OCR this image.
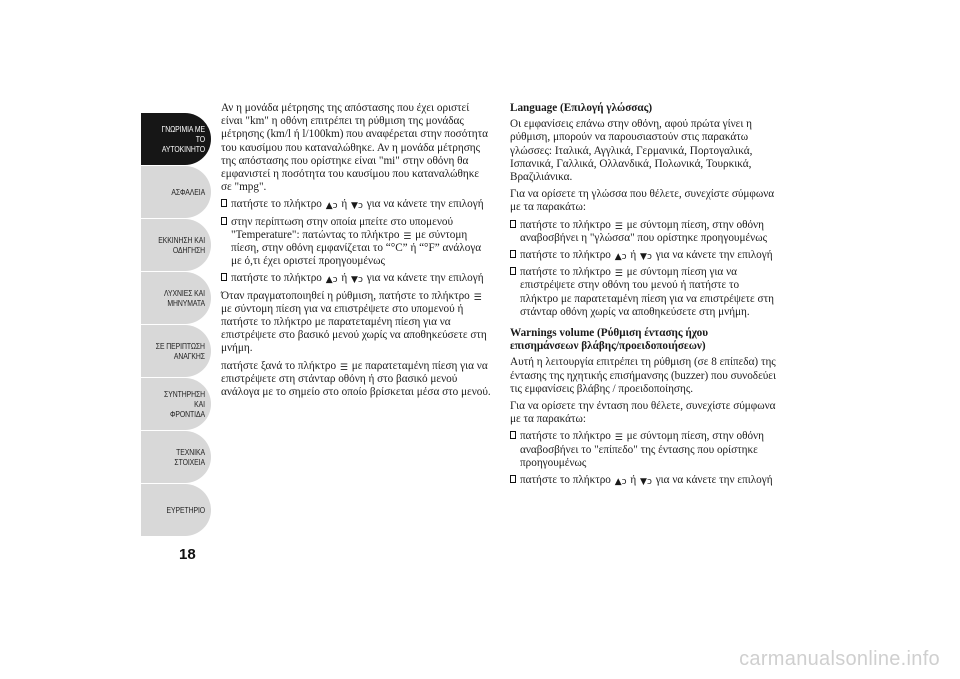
ΓΝΩΡΙΜΙΑ ΜΕ ΤΟ
ΑΥΤΟΚΙΝΗΤΟ
ΑΣΦΑΛΕΙΑ
ΕΚΚΙΝΗΣΗ ΚΑΙ
ΟΔΗΓΗΣΗ
ΛΥΧΝΙΕΣ ΚΑΙ
ΜΗΝΥΜΑΤΑ
ΣΕ ΠΕΡΙΠΤΩΣΗ
ΑΝΑΓΚΗΣ
ΣΥΝΤΗΡΗΣΗ ΚΑΙ
ΦΡΟΝΤΙΔΑ
ΤΕΧΝΙΚΑ ΣΤΟΙΧΕΙΑ
ΕΥΡΕΤΗΡΙΟ
18

Αν η μονάδα μέτρησης της απόστασης που έχει οριστεί είναι "km" η οθόνη επιτρέπει τη ρύθμιση της μονάδας μέτρησης (km/l ή l/100km) που αναφέρεται στην ποσότητα του καυσίμου που καταναλώθηκε. Αν η μονάδα μέτρησης της απόστασης που ορίστηκε είναι "mi" στην οθόνη θα εμφανιστεί η ποσότητα του καυσίμου που καταναλώθηκε σε "mpg".

πατήστε το πλήκτρο ▲ↄ ή ▼ↄ για να κάνετε την επιλογή
στην περίπτωση στην οποία μπείτε στο υπομενού "Temperature": πατώντας το πλήκτρο ☰ με σύντομη πίεση, στην οθόνη εμφανίζεται το “°C” ή “°F” ανάλογα με ό,τι έχει οριστεί προηγουμένως
πατήστε το πλήκτρο ▲ↄ ή ▼ↄ για να κάνετε την επιλογή

Όταν πραγματοποιηθεί η ρύθμιση, πατήστε το πλήκτρο ☰ με σύντομη πίεση για να επιστρέψετε στο υπομενού ή πατήστε το πλήκτρο με παρατεταμένη πίεση για να επιστρέψετε στο βασικό μενού χωρίς να αποθηκεύσετε στη μνήμη.

πατήστε ξανά το πλήκτρο ☰ με παρατεταμένη πίεση για να επιστρέψετε στη στάνταρ οθόνη ή στο βασικό μενού ανάλογα με το σημείο στο οποίο βρίσκεται μέσα στο μενού.

Language (Επιλογή γλώσσας)

Οι εμφανίσεις επάνω στην οθόνη, αφού πρώτα γίνει η ρύθμιση, μπορούν να παρουσιαστούν στις παρακάτω γλώσσες: Ιταλικά, Αγγλικά, Γερμανικά, Πορτογαλικά, Ισπανικά, Γαλλικά, Ολλανδικά, Πολωνικά, Τουρκικά, Βραζιλιάνικα.

Για να ορίσετε τη γλώσσα που θέλετε, συνεχίστε σύμφωνα με τα παρακάτω:

πατήστε το πλήκτρο ☰ με σύντομη πίεση, στην οθόνη αναβοσβήνει η "γλώσσα" που ορίστηκε προηγουμένως
πατήστε το πλήκτρο ▲ↄ ή ▼ↄ για να κάνετε την επιλογή
πατήστε το πλήκτρο ☰ με σύντομη πίεση για να επιστρέψετε στην οθόνη του μενού ή πατήστε το πλήκτρο με παρατεταμένη πίεση για να επιστρέψετε στη στάνταρ οθόνη χωρίς να αποθηκεύσετε στη μνήμη.
Warnings volume (Ρύθμιση έντασης ήχου επισημάνσεων βλάβης/προειδοποιήσεων)

Αυτή η λειτουργία επιτρέπει τη ρύθμιση (σε 8 επίπεδα) της έντασης της ηχητικής επισήμανσης (buzzer) που συνοδεύει τις εμφανίσεις βλάβης / προειδοποίησης.

Για να ορίσετε την ένταση που θέλετε, συνεχίστε σύμφωνα με τα παρακάτω:

πατήστε το πλήκτρο ☰ με σύντομη πίεση, στην οθόνη αναβοσβήνει το "επίπεδο" της έντασης που ορίστηκε προηγουμένως
πατήστε το πλήκτρο ▲ↄ ή ▼ↄ για να κάνετε την επιλογή
carmanualsonline.info
